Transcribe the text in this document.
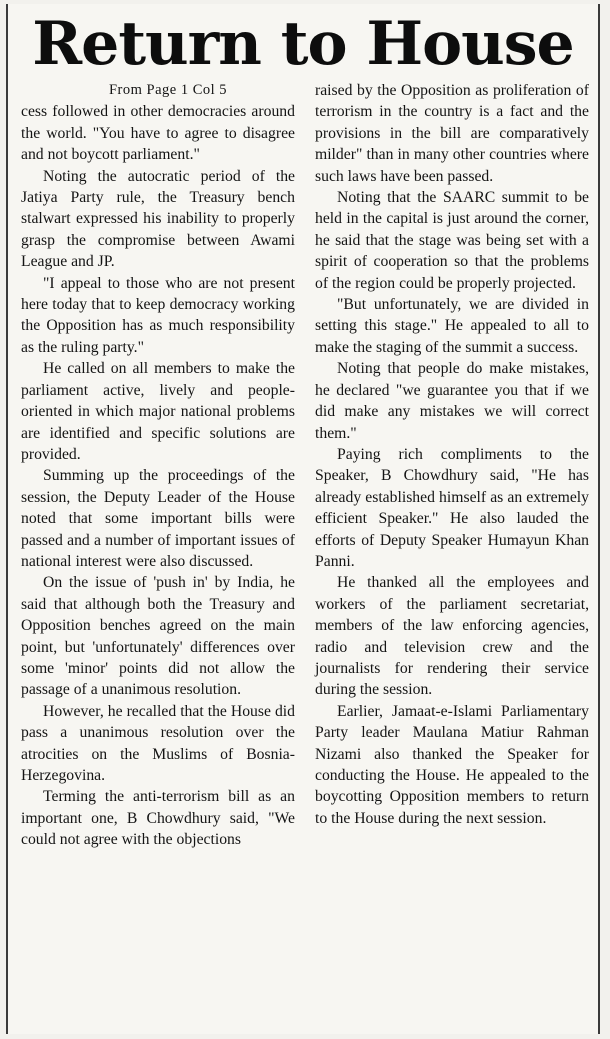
Return to House

From Page 1 Col 5

cess followed in other democracies around the world. "You have to agree to disagree and not boycott parliament."

Noting the autocratic period of the Jatiya Party rule, the Treasury bench stalwart expressed his inability to properly grasp the compromise between Awami League and JP.

"I appeal to those who are not present here today that to keep democracy working the Opposition has as much responsibility as the ruling party."

He called on all members to make the parliament active, lively and people-oriented in which major national problems are identified and specific solutions are provided.

Summing up the proceedings of the session, the Deputy Leader of the House noted that some important bills were passed and a number of important issues of national interest were also discussed.

On the issue of 'push in' by India, he said that although both the Treasury and Opposition benches agreed on the main point, but 'unfortunately' differences over some 'minor' points did not allow the passage of a unanimous resolution.

However, he recalled that the House did pass a unanimous resolution over the atrocities on the Muslims of Bosnia-Herzegovina.

Terming the anti-terrorism bill as an important one, B Chowdhury said, "We could not agree with the objections

raised by the Opposition as proliferation of terrorism in the country is a fact and the provisions in the bill are comparatively milder" than in many other countries where such laws have been passed.

Noting that the SAARC summit to be held in the capital is just around the corner, he said that the stage was being set with a spirit of cooperation so that the problems of the region could be properly projected.

"But unfortunately, we are divided in setting this stage." He appealed to all to make the staging of the summit a success.

Noting that people do make mistakes, he declared "we guarantee you that if we did make any mistakes we will correct them."

Paying rich compliments to the Speaker, B Chowdhury said, "He has already established himself as an extremely efficient Speaker." He also lauded the efforts of Deputy Speaker Humayun Khan Panni.

He thanked all the employees and workers of the parliament secretariat, members of the law enforcing agencies, radio and television crew and the journalists for rendering their service during the session.

Earlier, Jamaat-e-Islami Parliamentary Party leader Maulana Matiur Rahman Nizami also thanked the Speaker for conducting the House. He appealed to the boycotting Opposition members to return to the House during the next session.
